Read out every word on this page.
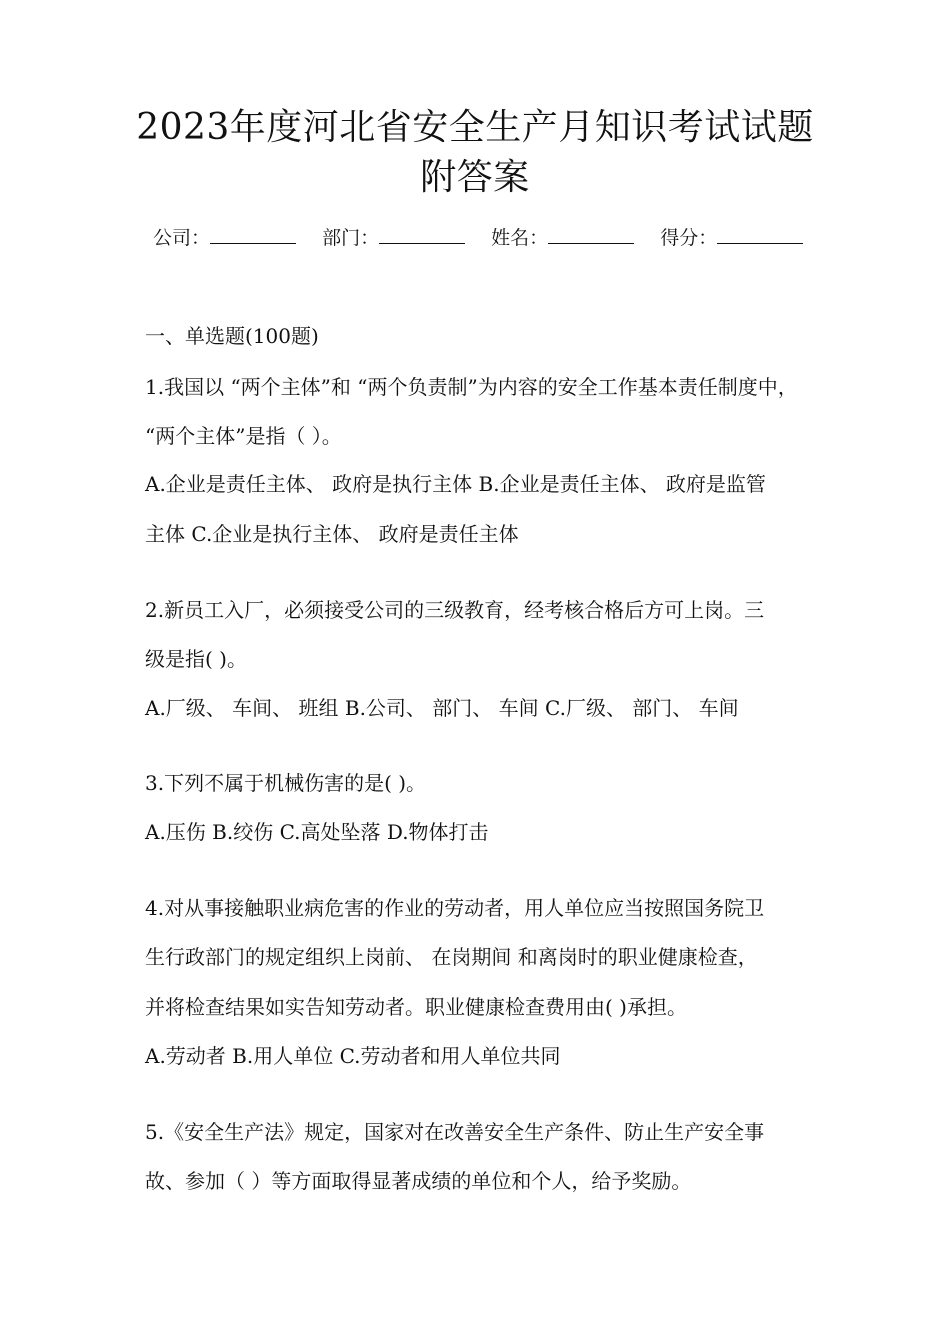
2023年度河北省安全生产月知识考试试题
附答案
公司：	部门：	姓名：	得分：
一、单选题(100题)
1.我国以 “两个主体”和 “两个负责制”为内容的安全工作基本责任制度中，
“两个主体”是指（ ）。
A.企业是责任主体、 政府是执行主体 B.企业是责任主体、 政府是监管
主体 C.企业是执行主体、 政府是责任主体
2.新员工入厂，必须接受公司的三级教育，经考核合格后方可上岗。三
级是指( )。
A.厂级、 车间、 班组 B.公司、 部门、 车间 C.厂级、 部门、 车间
3.下列不属于机械伤害的是( )。
A.压伤 B.绞伤 C.高处坠落 D.物体打击
4.对从事接触职业病危害的作业的劳动者，用人单位应当按照国务院卫
生行政部门的规定组织上岗前、 在岗期间 和离岗时的职业健康检查，
并将检查结果如实告知劳动者。职业健康检查费用由( )承担。
A.劳动者 B.用人单位 C.劳动者和用人单位共同
5.《安全生产法》规定，国家对在改善安全生产条件、防止生产安全事
故、参加（ ）等方面取得显著成绩的单位和个人，给予奖励。
